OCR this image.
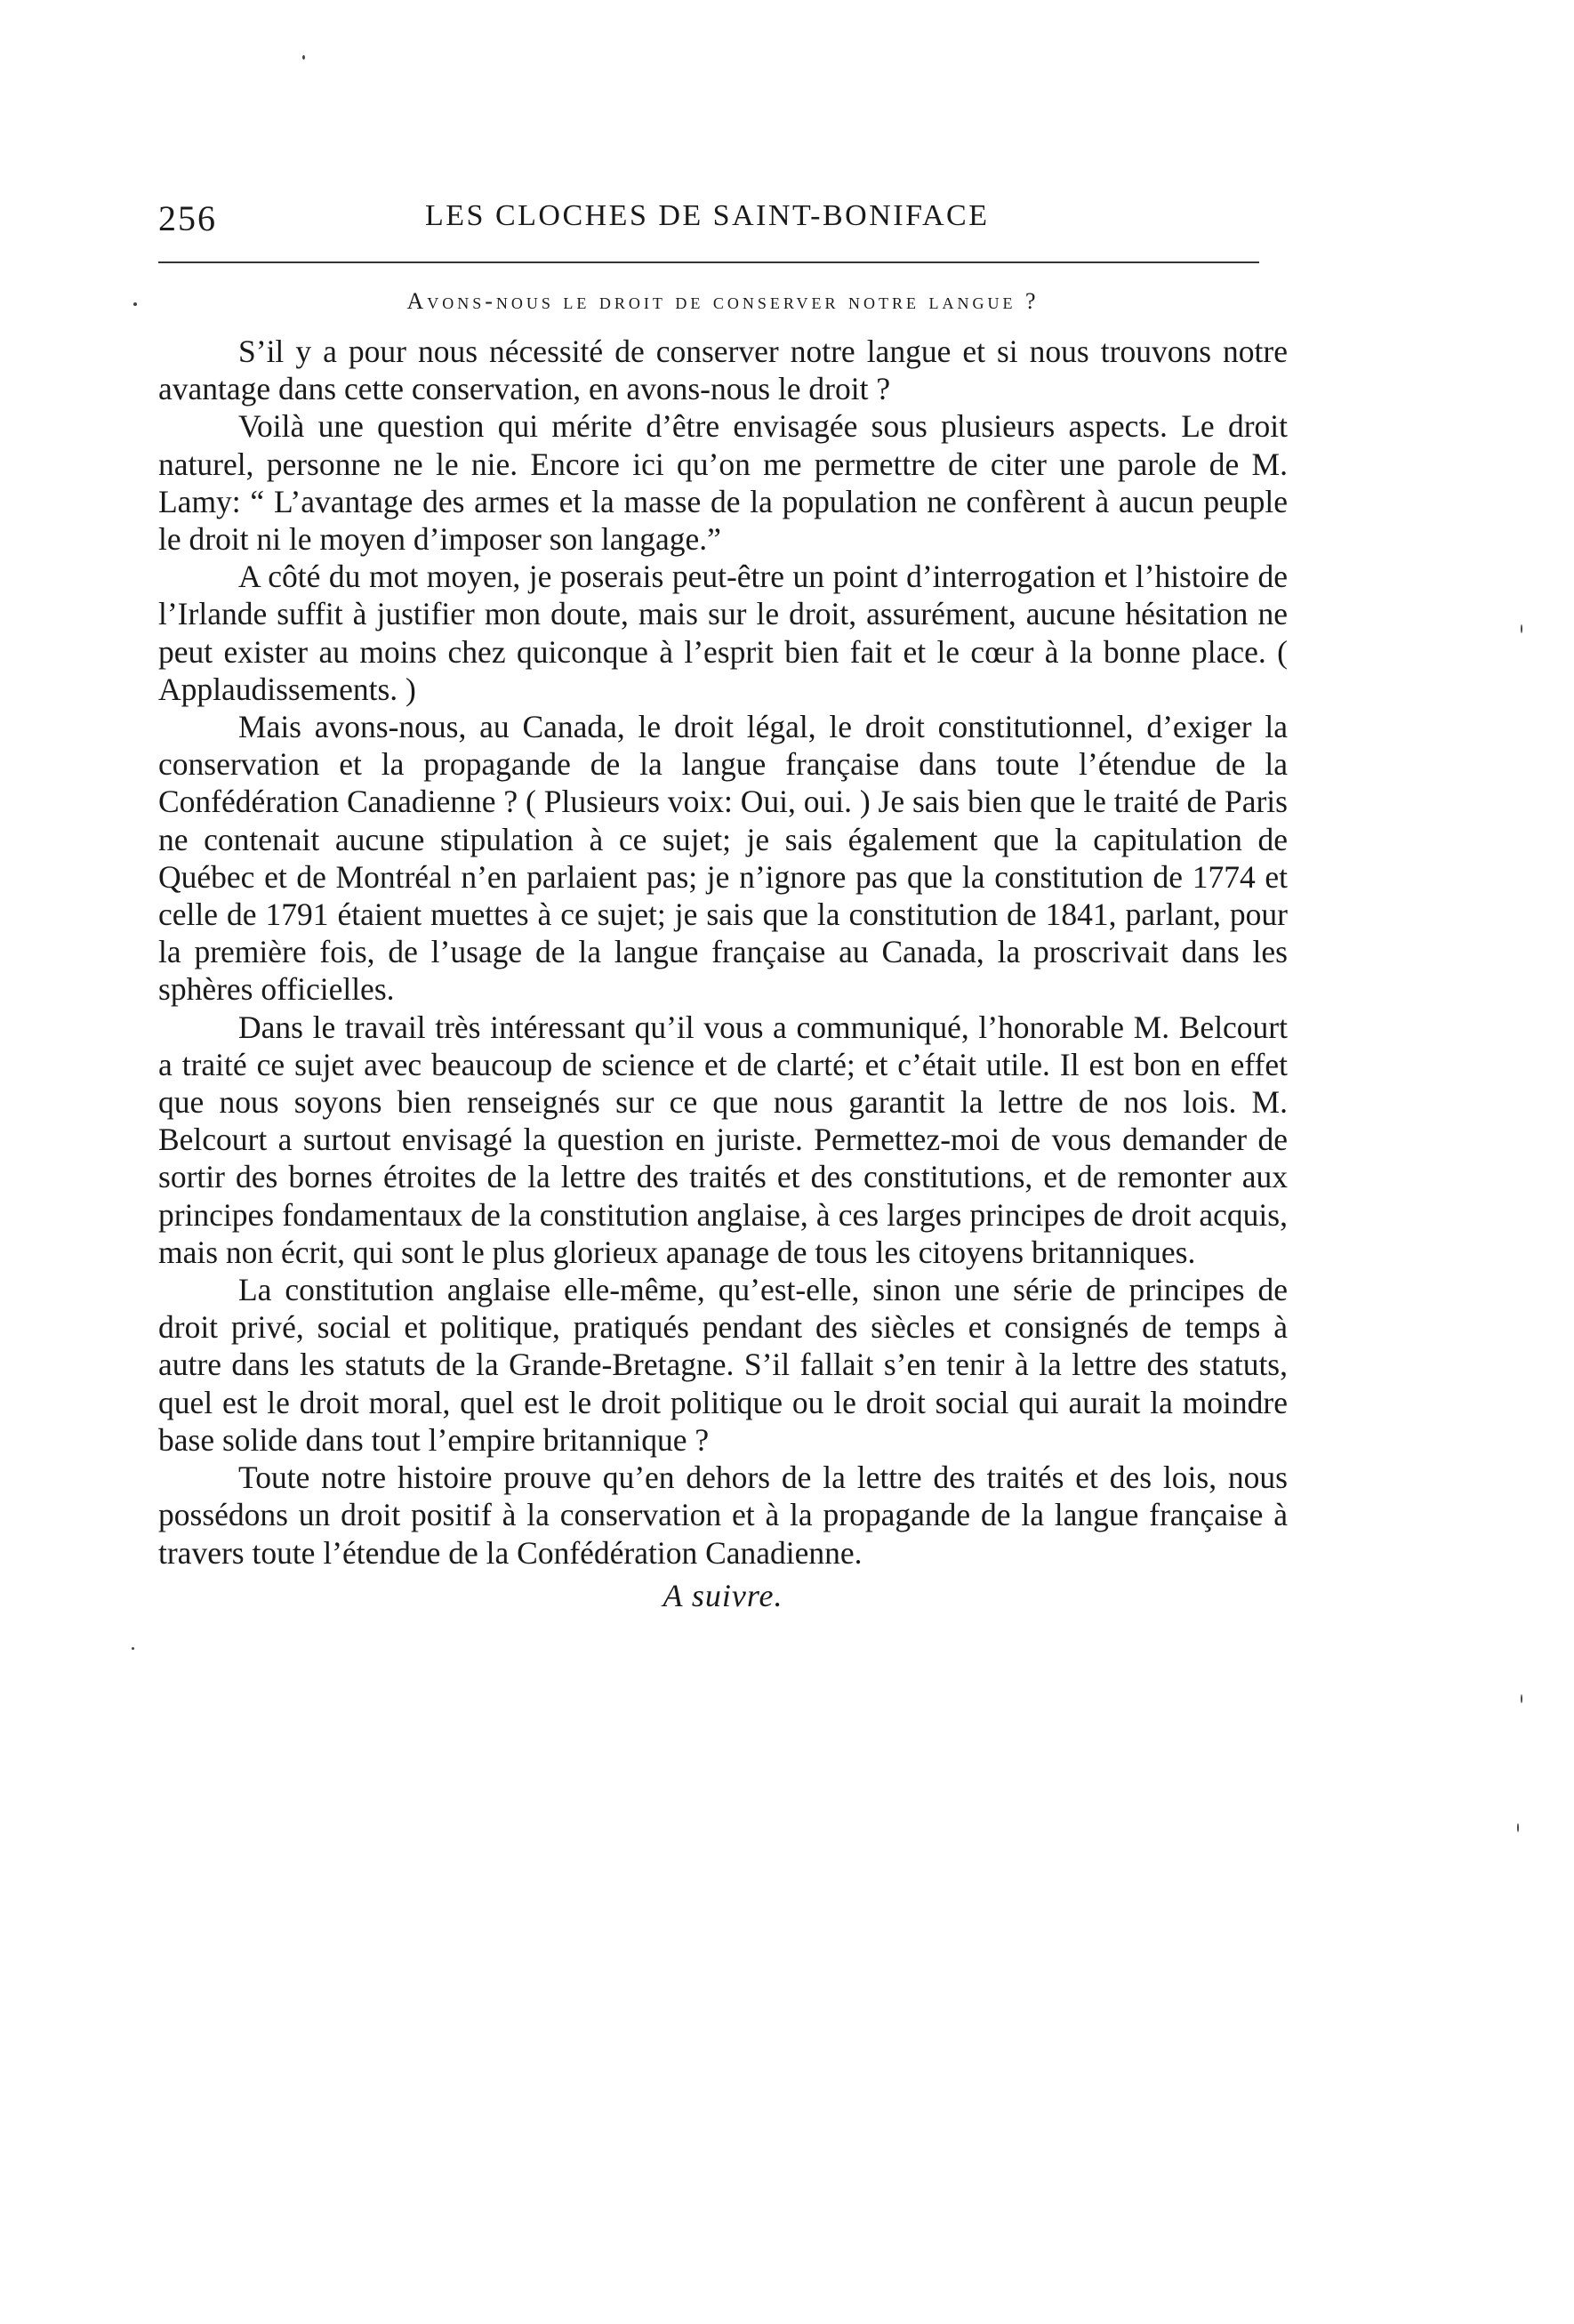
256	LES CLOCHES DE SAINT-BONIFACE
Avons-nous le droit de conserver notre langue ?

S’il y a pour nous nécessité de conserver notre langue et si nous trouvons notre avantage dans cette conservation, en avons-nous le droit ?

Voilà une question qui mérite d’être envisagée sous plusieurs aspects. Le droit naturel, personne ne le nie. Encore ici qu’on me permettre de citer une parole de M. Lamy: “ L’avantage des armes et la masse de la population ne confèrent à aucun peuple le droit ni le moyen d’imposer son langage.”

A côté du mot moyen, je poserais peut-être un point d’interrogation et l’histoire de l’Irlande suffit à justifier mon doute, mais sur le droit, assurément, aucune hésitation ne peut exister au moins chez quiconque à l’esprit bien fait et le cœur à la bonne place. ( Applaudissements. )

Mais avons-nous, au Canada, le droit légal, le droit constitutionnel, d’exiger la conservation et la propagande de la langue française dans toute l’étendue de la Confédération Canadienne ? ( Plusieurs voix: Oui, oui. ) Je sais bien que le traité de Paris ne contenait aucune stipulation à ce sujet; je sais également que la capitulation de Québec et de Montréal n’en parlaient pas; je n’ignore pas que la constitution de 1774 et celle de 1791 étaient muettes à ce sujet; je sais que la constitution de 1841, parlant, pour la première fois, de l’usage de la langue française au Canada, la proscrivait dans les sphères officielles.

Dans le travail très intéressant qu’il vous a communiqué, l’honorable M. Belcourt a traité ce sujet avec beaucoup de science et de clarté; et c’était utile. Il est bon en effet que nous soyons bien renseignés sur ce que nous garantit la lettre de nos lois. M. Belcourt a surtout envisagé la question en juriste. Permettez-moi de vous demander de sortir des bornes étroites de la lettre des traités et des constitutions, et de remonter aux principes fondamentaux de la constitution anglaise, à ces larges principes de droit acquis, mais non écrit, qui sont le plus glorieux apanage de tous les citoyens britanniques.

La constitution anglaise elle-même, qu’est-elle, sinon une série de principes de droit privé, social et politique, pratiqués pendant des siècles et consignés de temps à autre dans les statuts de la Grande-Bretagne. S’il fallait s’en tenir à la lettre des statuts, quel est le droit moral, quel est le droit politique ou le droit social qui aurait la moindre base solide dans tout l’empire britannique ?

Toute notre histoire prouve qu’en dehors de la lettre des traités et des lois, nous possédons un droit positif à la conservation et à la propagande de la langue française à travers toute l’étendue de la Confédération Canadienne.

A suivre.
